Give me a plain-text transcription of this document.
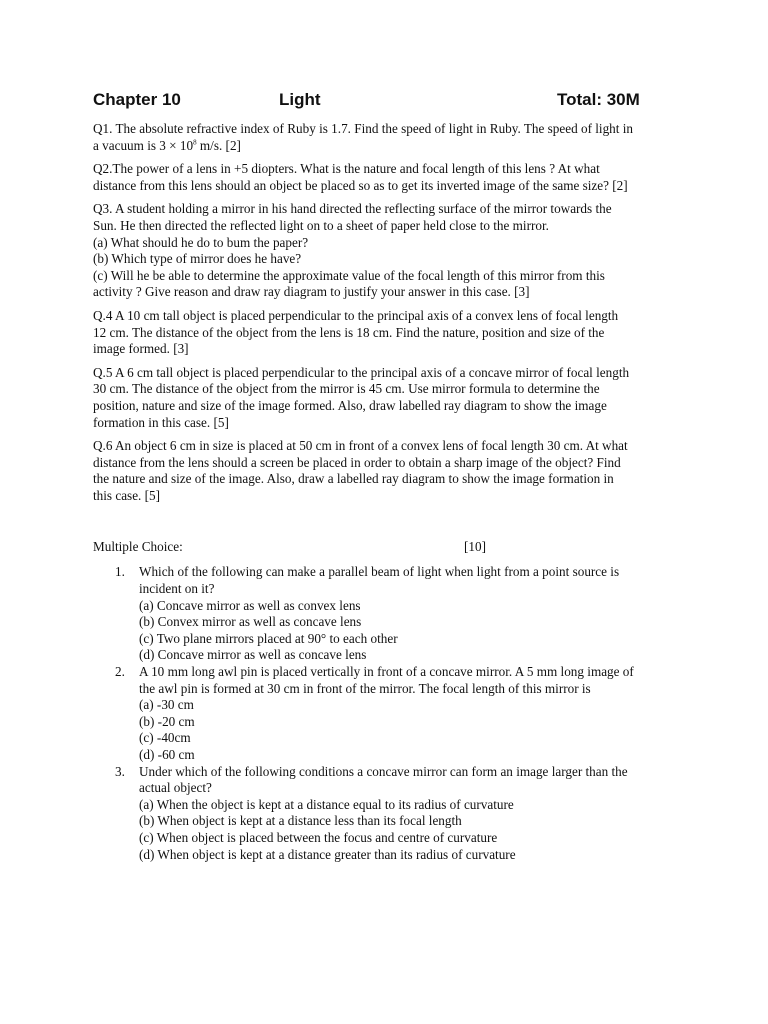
Chapter 10	Light	Total: 30M

Q1. The absolute refractive index of Ruby is 1.7. Find the speed of light in Ruby. The speed of light in
a vacuum is $3 \times 10^8$ m/s. [2]

Q2.The power of a lens in +5 diopters. What is the nature and focal length of this lens ? At what
distance from this lens should an object be placed so as to get its inverted image of the same size? [2]

Q3. A student holding a mirror in his hand directed the reflecting surface of the mirror towards the
Sun. He then directed the reflected light on to a sheet of paper held close to the mirror.
(a) What should he do to bum the paper?
(b) Which type of mirror does he have?
(c) Will he be able to determine the approximate value of the focal length of this mirror from this
activity ? Give reason and draw ray diagram to justify your answer in this case. [3]

Q.4 A 10 cm tall object is placed perpendicular to the principal axis of a convex lens of focal length
12 cm. The distance of the object from the lens is 18 cm. Find the nature, position and size of the
image formed. [3]

Q.5 A 6 cm tall object is placed perpendicular to the principal axis of a concave mirror of focal length
30 cm. The distance of the object from the mirror is 45 cm. Use mirror formula to determine the
position, nature and size of the image formed. Also, draw labelled ray diagram to show the image
formation in this case. [5]

Q.6 An object 6 cm in size is placed at 50 cm in front of a convex lens of focal length 30 cm. At what
distance from the lens should a screen be placed in order to obtain a sharp image of the object? Find
the nature and size of the image. Also, draw a labelled ray diagram to show the image formation in
this case. [5]

Multiple Choice:	[10]
1. Which of the following can make a parallel beam of light when light from a point source is
incident on it?
(a) Concave mirror as well as convex lens
(b) Convex mirror as well as concave lens
(c) Two plane mirrors placed at 90° to each other
(d) Concave mirror as well as concave lens
2. A 10 mm long awl pin is placed vertically in front of a concave mirror. A 5 mm long image of
the awl pin is formed at 30 cm in front of the mirror. The focal length of this mirror is
(a) -30 cm
(b) -20 cm
(c) -40cm
(d) -60 cm
3. Under which of the following conditions a concave mirror can form an image larger than the
actual object?
(a) When the object is kept at a distance equal to its radius of curvature
(b) When object is kept at a distance less than its focal length
(c) When object is placed between the focus and centre of curvature
(d) When object is kept at a distance greater than its radius of curvature
